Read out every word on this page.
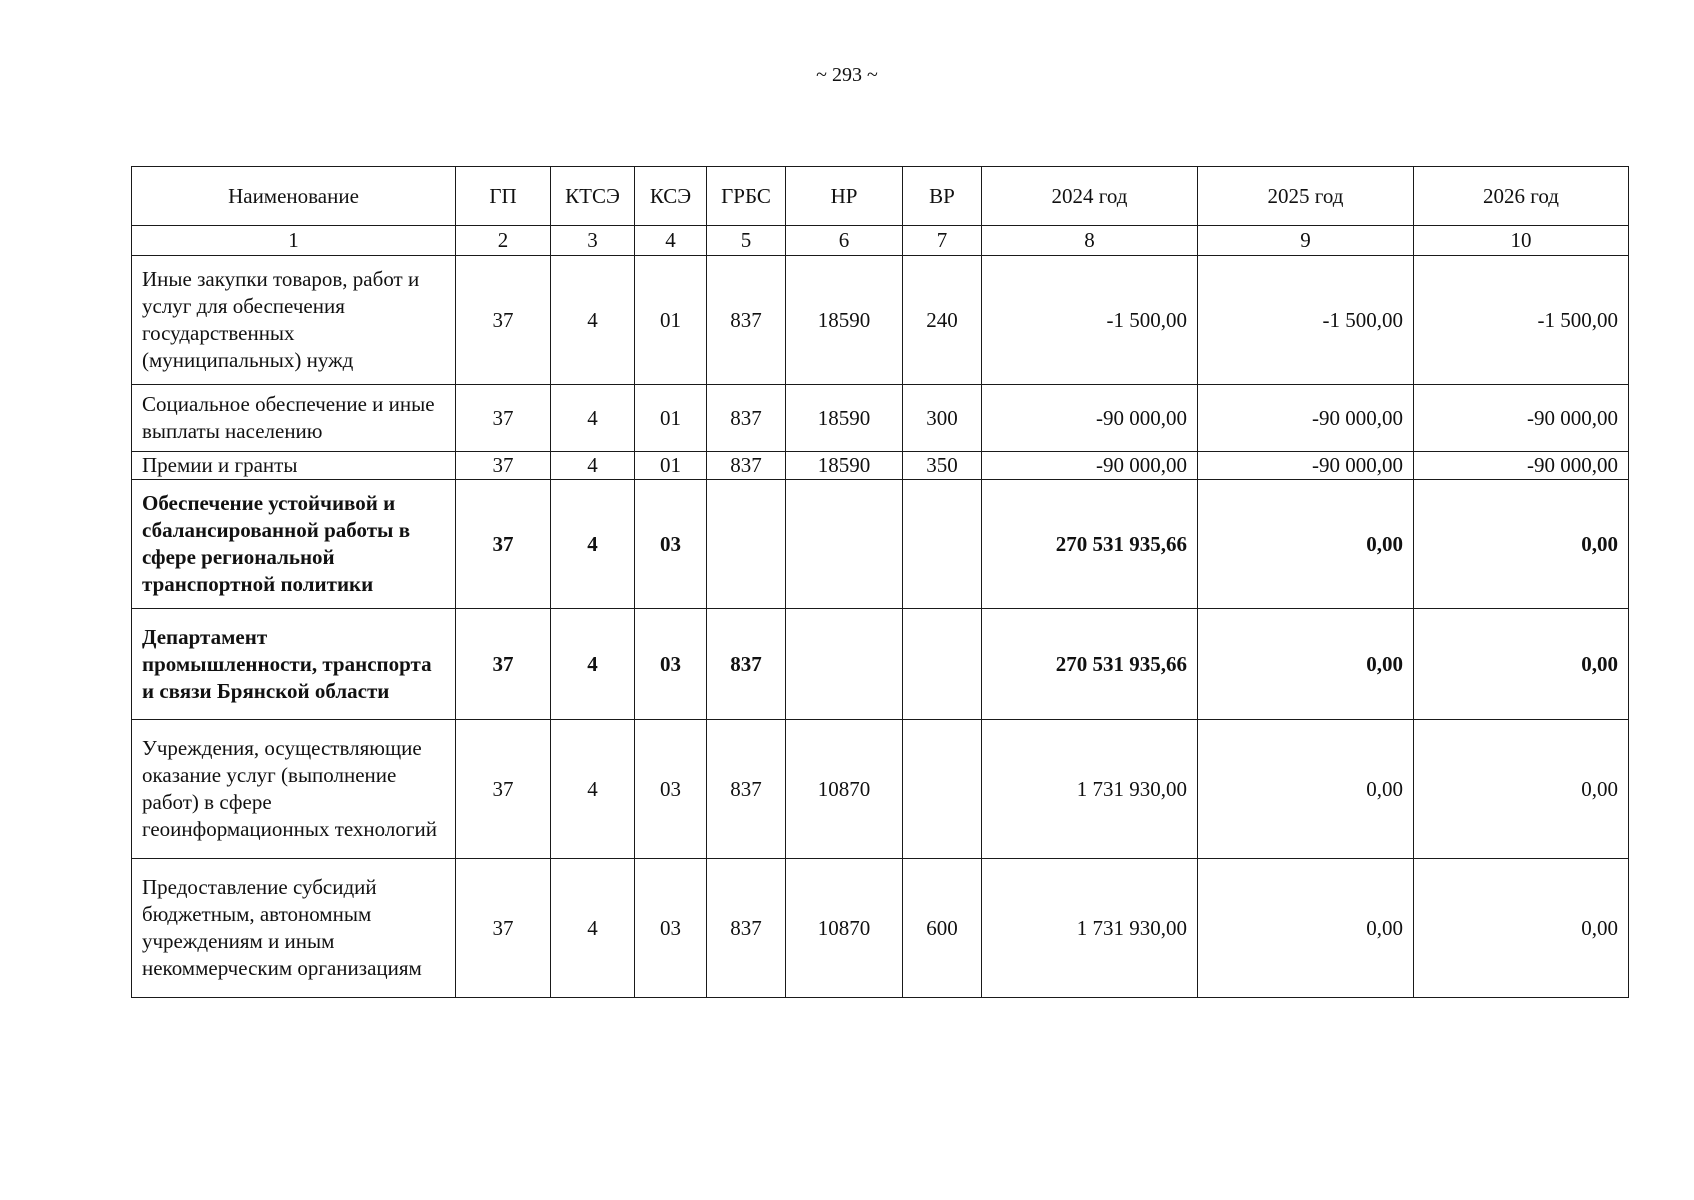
~ 293 ~
Наименование	ГП	КТСЭ	КСЭ	ГРБС	НР	ВР	2024 год	2025 год	2026 год
1	2	3	4	5	6	7	8	9	10
Иные закупки товаров, работ и услуг для обеспечения государственных (муниципальных) нужд	37	4	01	837	18590	240	-1 500,00	-1 500,00	-1 500,00
Социальное обеспечение и иные выплаты населению	37	4	01	837	18590	300	-90 000,00	-90 000,00	-90 000,00
Премии и гранты	37	4	01	837	18590	350	-90 000,00	-90 000,00	-90 000,00
Обеспечение устойчивой и сбалансированной работы в сфере региональной транспортной политики	37	4	03				270 531 935,66	0,00	0,00
Департамент промышленности, транспорта и связи Брянской области	37	4	03	837			270 531 935,66	0,00	0,00
Учреждения, осуществляющие оказание услуг (выполнение работ) в сфере геоинформационных технологий	37	4	03	837	10870		1 731 930,00	0,00	0,00
Предоставление субсидий бюджетным, автономным учреждениям и иным некоммерческим организациям	37	4	03	837	10870	600	1 731 930,00	0,00	0,00
